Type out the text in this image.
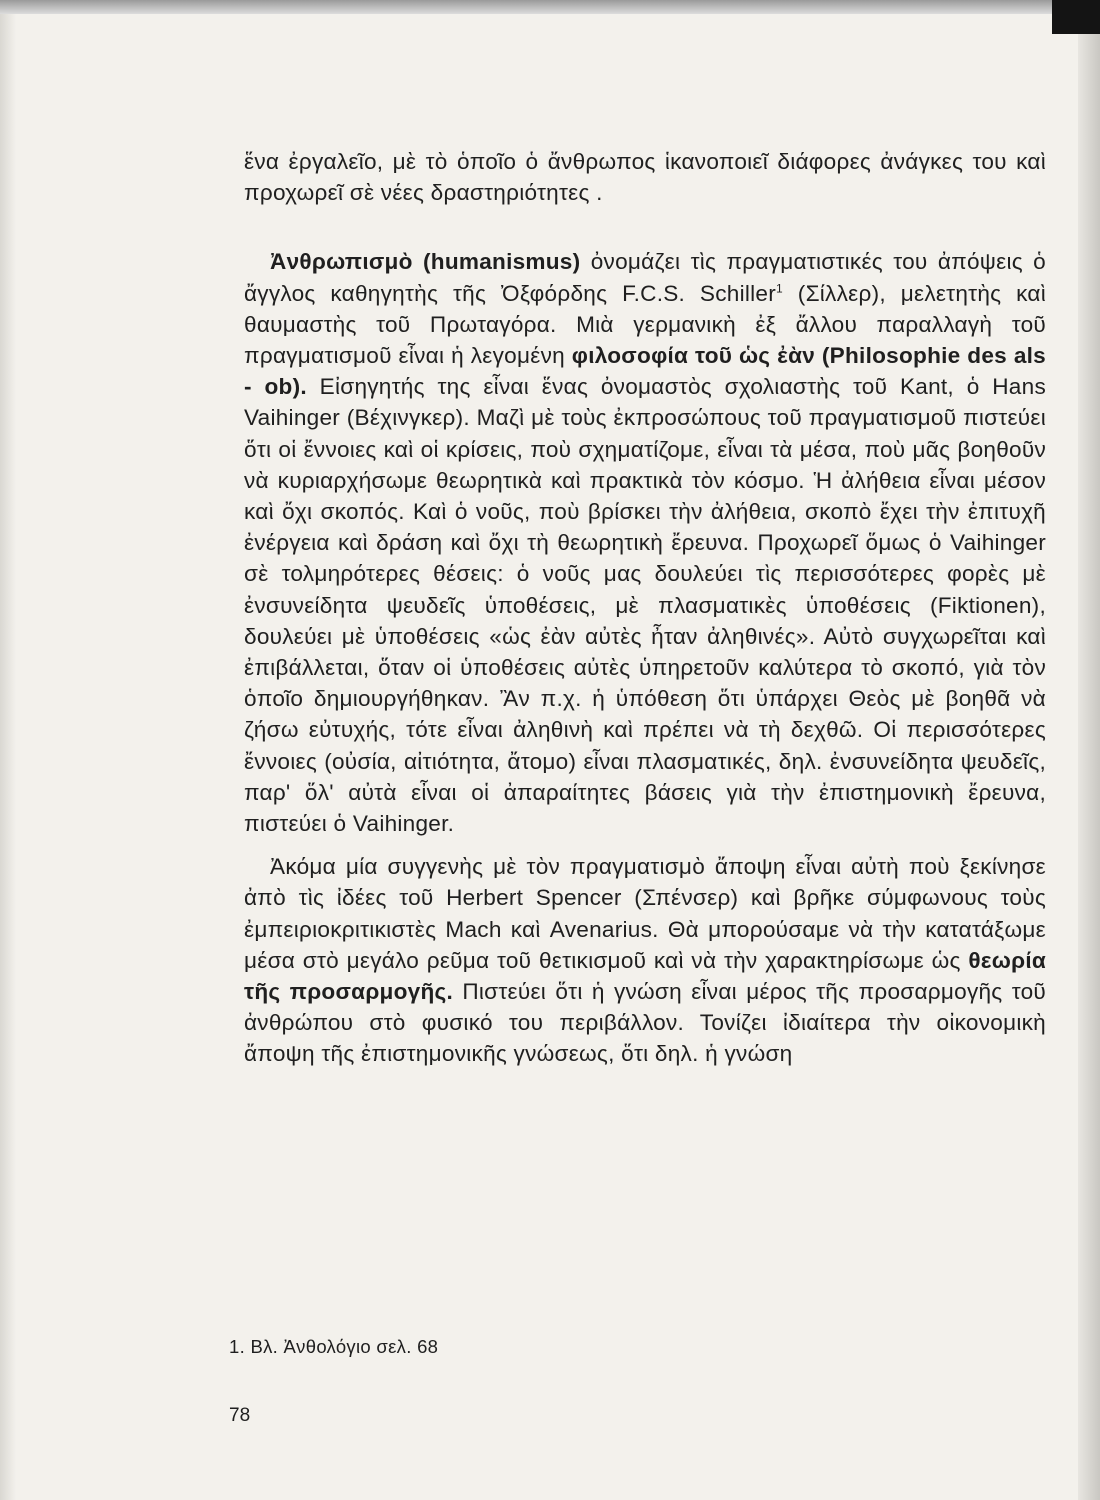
ἕνα ἐργαλεῖο, μὲ τὸ ὁποῖο ὁ ἄνθρωπος ἱκανοποιεῖ διάφορες ἀνάγκες του καὶ προχωρεῖ σὲ νέες δραστηριότητες .

Ἀνθρωπισμὸ (humanismus) ὀνομάζει τὶς πραγματιστικές του ἀπόψεις ὁ ἄγγλος καθηγητὴς τῆς Ὀξφόρδης F.C.S. Schiller$^1$ (Σίλλερ), μελετητὴς καὶ θαυμαστὴς τοῦ Πρωταγόρα. Μιὰ γερμανικὴ ἐξ ἄλλου παραλλαγὴ τοῦ πραγματισμοῦ εἶναι ἡ λεγομένη φιλοσοφία τοῦ ὡς ἐὰν (Philosophie des als - ob). Εἰσηγητής της εἶναι ἕνας ὀνομαστὸς σχολιαστὴς τοῦ Kant, ὁ Hans Vaihinger (Βέχινγκερ). Μαζὶ μὲ τοὺς ἐκπροσώπους τοῦ πραγματισμοῦ πιστεύει ὅτι οἱ ἔννοιες καὶ οἱ κρίσεις, ποὺ σχηματίζομε, εἶναι τὰ μέσα, ποὺ μᾶς βοηθοῦν νὰ κυριαρχήσωμε θεωρητικὰ καὶ πρακτικὰ τὸν κόσμο. Ἡ ἀλήθεια εἶναι μέσον καὶ ὄχι σκοπός. Καὶ ὁ νοῦς, ποὺ βρίσκει τὴν ἀλήθεια, σκοπὸ ἔχει τὴν ἐπιτυχῆ ἐνέργεια καὶ δράση καὶ ὄχι τὴ θεωρητικὴ ἔρευνα. Προχωρεῖ ὅμως ὁ Vaihinger σὲ τολμηρότερες θέσεις: ὁ νοῦς μας δουλεύει τὶς περισσότερες φορὲς μὲ ἐνσυνείδητα ψευδεῖς ὑποθέσεις, μὲ πλασματικὲς ὑποθέσεις (Fiktionen), δουλεύει μὲ ὑποθέσεις «ὡς ἐὰν αὐτὲς ἦταν ἀληθινές». Αὐτὸ συγχωρεῖται καὶ ἐπιβάλλεται, ὅταν οἱ ὑποθέσεις αὐτὲς ὑπηρετοῦν καλύτερα τὸ σκοπό, γιὰ τὸν ὁποῖο δημιουργήθηκαν. Ἂν π.χ. ἡ ὑπόθεση ὅτι ὑπάρχει Θεὸς μὲ βοηθᾶ νὰ ζήσω εὐτυχής, τότε εἶναι ἀληθινὴ καὶ πρέπει νὰ τὴ δεχθῶ. Οἱ περισσότερες ἔννοιες (οὐσία, αἰτιότητα, ἄτομο) εἶναι πλασματικές, δηλ. ἐνσυνείδητα ψευδεῖς, παρ' ὅλ' αὐτὰ εἶναι οἱ ἀπαραίτητες βάσεις γιὰ τὴν ἐπιστημονικὴ ἔρευνα, πιστεύει ὁ Vaihinger.

Ἀκόμα μία συγγενὴς μὲ τὸν πραγματισμὸ ἄποψη εἶναι αὐτὴ ποὺ ξεκίνησε ἀπὸ τὶς ἰδέες τοῦ Herbert Spencer (Σπένσερ) καὶ βρῆκε σύμφωνους τοὺς ἐμπειριοκριτικιστὲς Mach καὶ Avenarius. Θὰ μπορούσαμε νὰ τὴν κατατάξωμε μέσα στὸ μεγάλο ρεῦμα τοῦ θετικισμοῦ καὶ νὰ τὴν χαρακτηρίσωμε ὡς θεωρία τῆς προσαρμογῆς. Πιστεύει ὅτι ἡ γνώση εἶναι μέρος τῆς προσαρμογῆς τοῦ ἀνθρώπου στὸ φυσικό του περιβάλλον. Τονίζει ἰδιαίτερα τὴν οἰκονομικὴ ἄποψη τῆς ἐπιστημονικῆς γνώσεως, ὅτι δηλ. ἡ γνώση

1. Βλ. Ἀνθολόγιο σελ. 68
78
